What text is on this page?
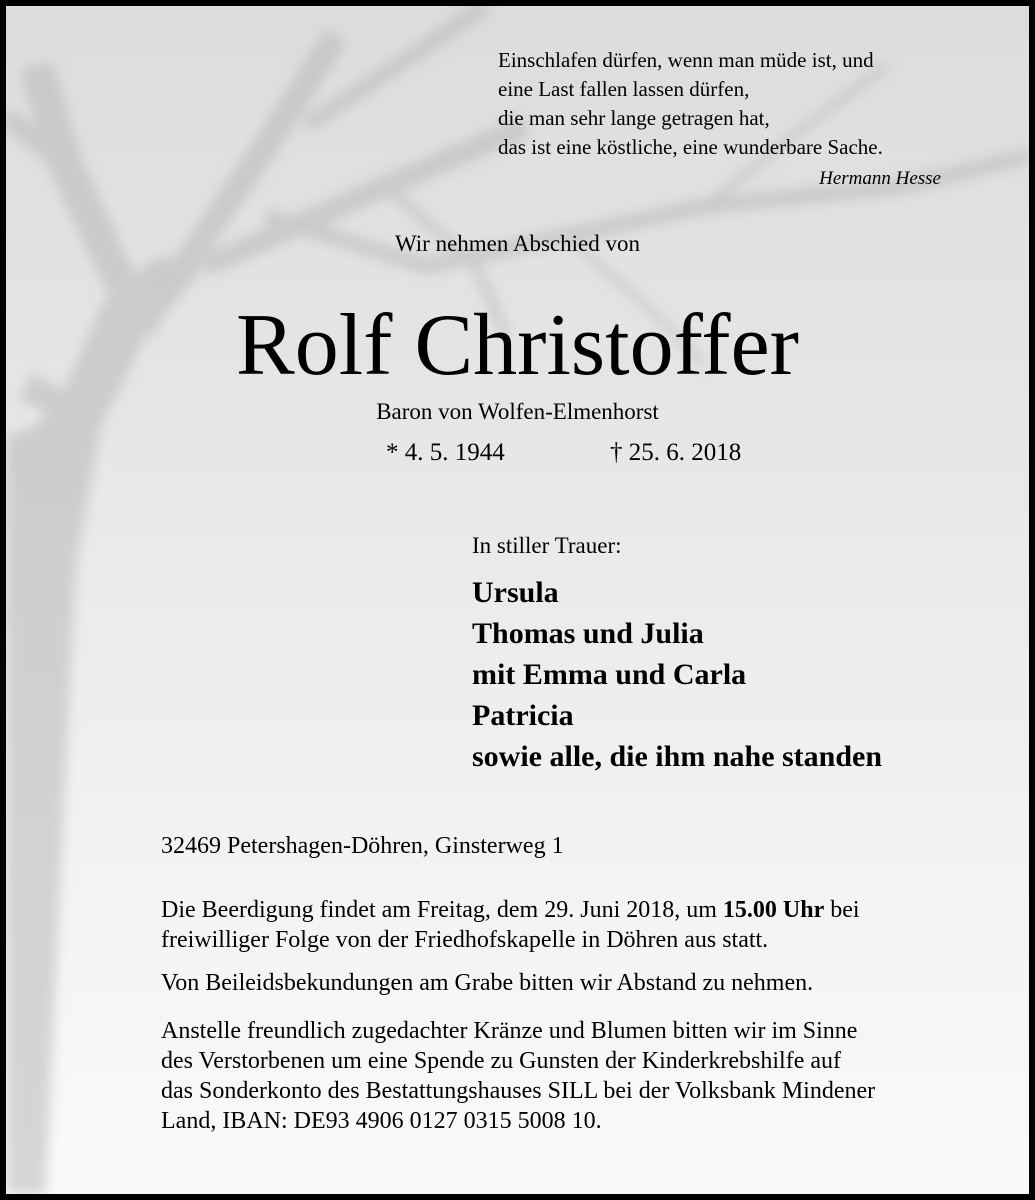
Einschlafen dürfen, wenn man müde ist, und
eine Last fallen lassen dürfen,
die man sehr lange getragen hat,
das ist eine köstliche, eine wunderbare Sache.
Hermann Hesse
Wir nehmen Abschied von
Rolf Christoffer
Baron von Wolfen-Elmenhorst
* 4. 5. 1944	† 25. 6. 2018
In stiller Trauer:
Ursula
Thomas und Julia
mit Emma und Carla
Patricia
sowie alle, die ihm nahe standen
32469 Petershagen-Döhren, Ginsterweg 1
Die Beerdigung findet am Freitag, dem 29. Juni 2018, um 15.00 Uhr bei
freiwilliger Folge von der Friedhofskapelle in Döhren aus statt.
Von Beileidsbekundungen am Grabe bitten wir Abstand zu nehmen.
Anstelle freundlich zugedachter Kränze und Blumen bitten wir im Sinne
des Verstorbenen um eine Spende zu Gunsten der Kinderkrebshilfe auf
das Sonderkonto des Bestattungshauses SILL bei der Volksbank Mindener
Land, IBAN: DE93 4906 0127 0315 5008 10.
